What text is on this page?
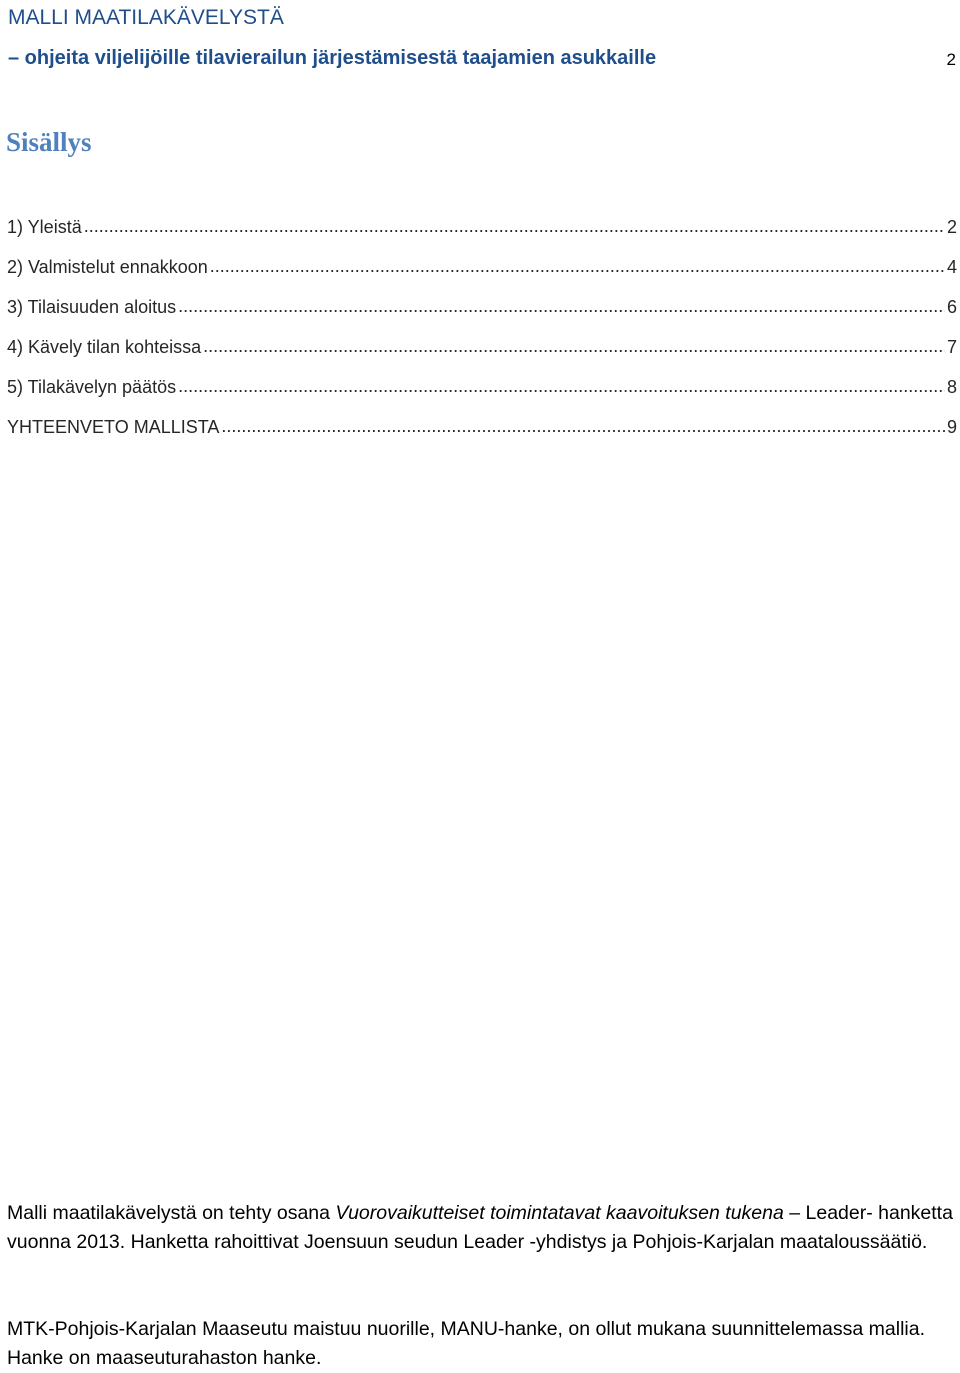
MALLI MAATILAKÄVELYSTÄ
– ohjeita viljelijöille tilavierailun järjestämisestä taajamien asukkaille	2
Sisällys
1) Yleistä .....	2
2) Valmistelut ennakkoon .....	4
3) Tilaisuuden aloitus .....	6
4) Kävely tilan kohteissa .....	7
5) Tilakävelyn päätös .....	8
YHTEENVETO MALLISTA .....	9

Malli maatilakävelystä on tehty osana Vuorovaikutteiset toimintatavat kaavoituksen tukena – Leader- hanketta vuonna 2013. Hanketta rahoittivat Joensuun seudun Leader -yhdistys ja Pohjois-Karjalan maataloussäätiö.

MTK-Pohjois-Karjalan Maaseutu maistuu nuorille, MANU-hanke, on ollut mukana suunnittelemassa mallia. Hanke on maaseuturahaston hanke.
